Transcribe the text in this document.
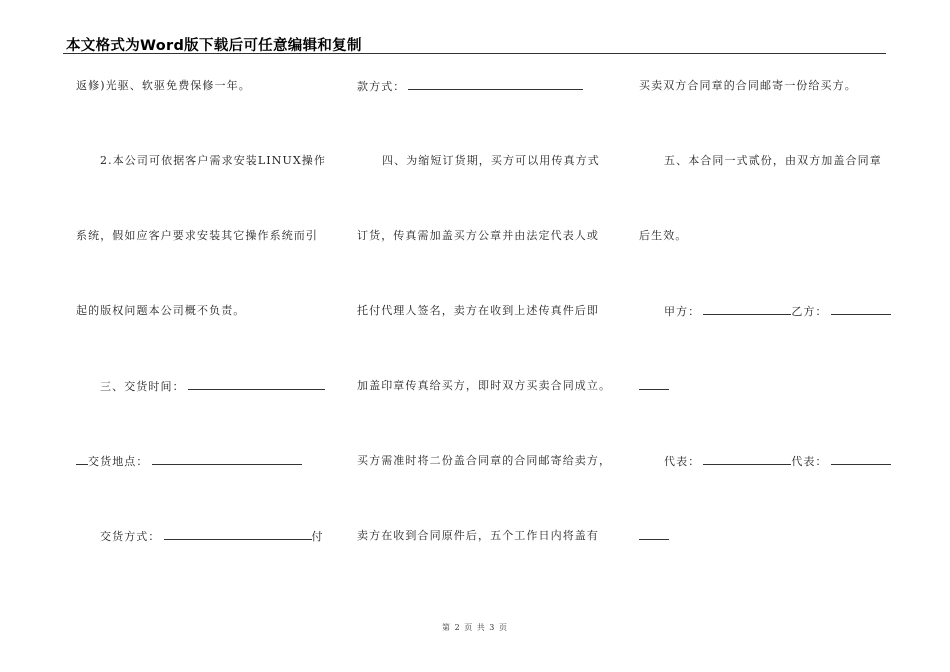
本文格式为Word版下载后可任意编辑和复制
返修)光驱、软驱免费保修一年。
2.本公司可依据客户需求安装LINUX操作
系统，假如应客户要求安装其它操作系统而引
起的版权问题本公司概不负责。
三、交货时间：
交货地点：
交货方式：	付
款方式：
四、为缩短订货期，买方可以用传真方式
订货，传真需加盖买方公章并由法定代表人或
托付代理人签名，卖方在收到上述传真件后即
加盖印章传真给买方，即时双方买卖合同成立。
买方需准时将二份盖合同章的合同邮寄给卖方，
卖方在收到合同原件后，五个工作日内将盖有
买卖双方合同章的合同邮寄一份给买方。
五、本合同一式贰份，由双方加盖合同章
后生效。
甲方：	乙方：
代表：	代表：
第 2 页 共 3 页
